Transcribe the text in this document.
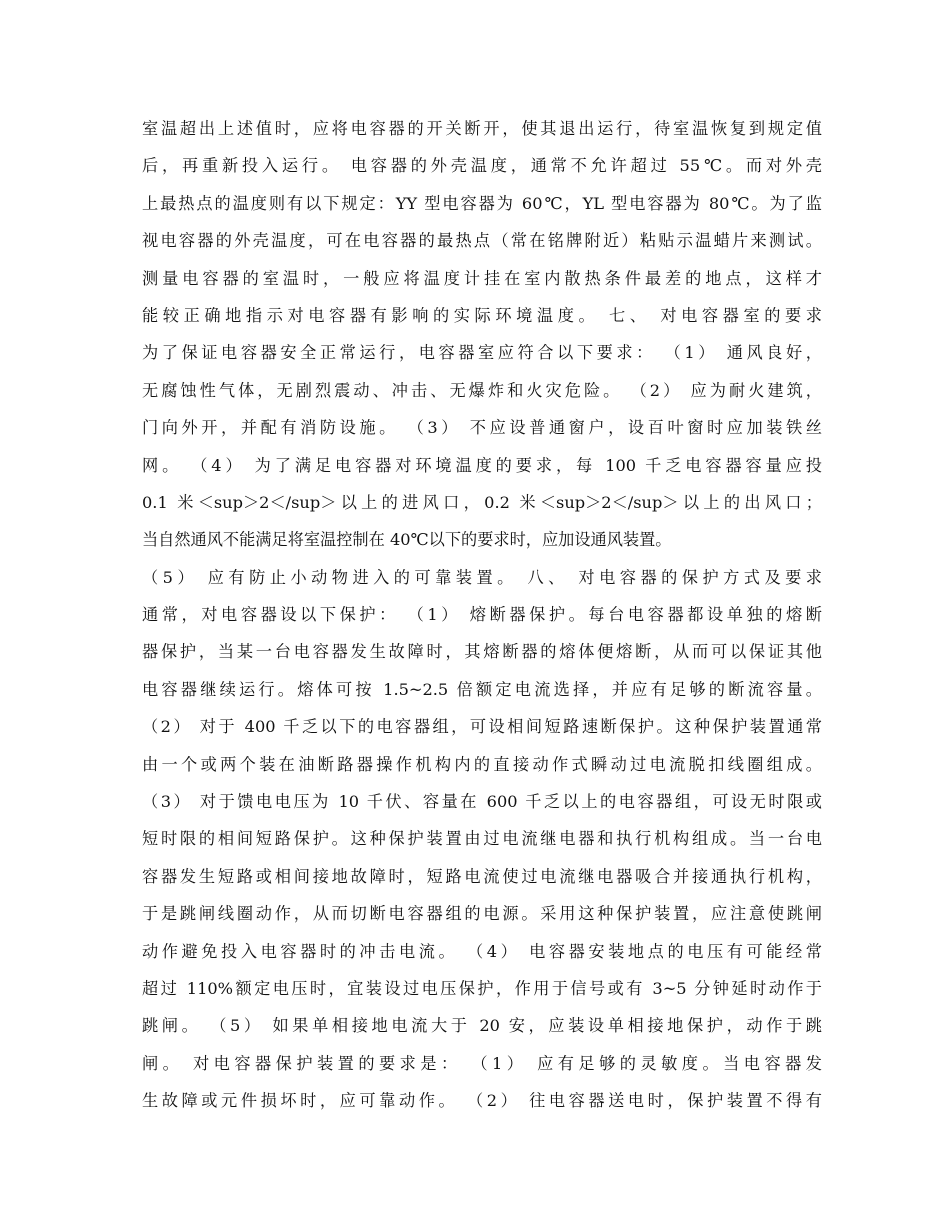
室温超出上述值时，应将电容器的开关断开，使其退出运行，待室温恢复到规定值
后，再重新投入运行。 电容器的外壳温度，通常不允许超过 55℃。而对外壳
上最热点的温度则有以下规定：YY 型电容器为 60℃，YL 型电容器为 80℃。为了监
视电容器的外壳温度，可在电容器的最热点（常在铭牌附近）粘贴示温蜡片来测试。
测量电容器的室温时，一般应将温度计挂在室内散热条件最差的地点，这样才
能较正确地指示对电容器有影响的实际环境温度。 七、 对电容器室的要求
为了保证电容器安全正常运行，电容器室应符合以下要求： （1） 通风良好，
无腐蚀性气体，无剧烈震动、冲击、无爆炸和火灾危险。 （2） 应为耐火建筑，
门向外开，并配有消防设施。 （3） 不应设普通窗户，设百叶窗时应加装铁丝
网。 （4） 为了满足电容器对环境温度的要求，每 100 千乏电容器容量应投
0.1 米＜sup＞2＜/sup＞以上的进风口，0.2 米＜sup＞2＜/sup＞以上的出风口；
当自然通风不能满足将室温控制在 40℃以下的要求时，应加设通风装置。
（5） 应有防止小动物进入的可靠装置。 八、 对电容器的保护方式及要求
通常，对电容器设以下保护： （1） 熔断器保护。每台电容器都设单独的熔断
器保护，当某一台电容器发生故障时，其熔断器的熔体便熔断，从而可以保证其他
电容器继续运行。熔体可按 1.5~2.5 倍额定电流选择，并应有足够的断流容量。
（2） 对于 400 千乏以下的电容器组，可设相间短路速断保护。这种保护装置通常
由一个或两个装在油断路器操作机构内的直接动作式瞬动过电流脱扣线圈组成。
（3） 对于馈电电压为 10 千伏、容量在 600 千乏以上的电容器组，可设无时限或
短时限的相间短路保护。这种保护装置由过电流继电器和执行机构组成。当一台电
容器发生短路或相间接地故障时，短路电流使过电流继电器吸合并接通执行机构，
于是跳闸线圈动作，从而切断电容器组的电源。采用这种保护装置，应注意使跳闸
动作避免投入电容器时的冲击电流。 （4） 电容器安装地点的电压有可能经常
超过 110%额定电压时，宜装设过电压保护，作用于信号或有 3~5 分钟延时动作于
跳闸。 （5） 如果单相接地电流大于 20 安，应装设单相接地保护，动作于跳
闸。 对电容器保护装置的要求是： （1） 应有足够的灵敏度。当电容器发
生故障或元件损坏时，应可靠动作。 （2） 往电容器送电时，保护装置不得有
